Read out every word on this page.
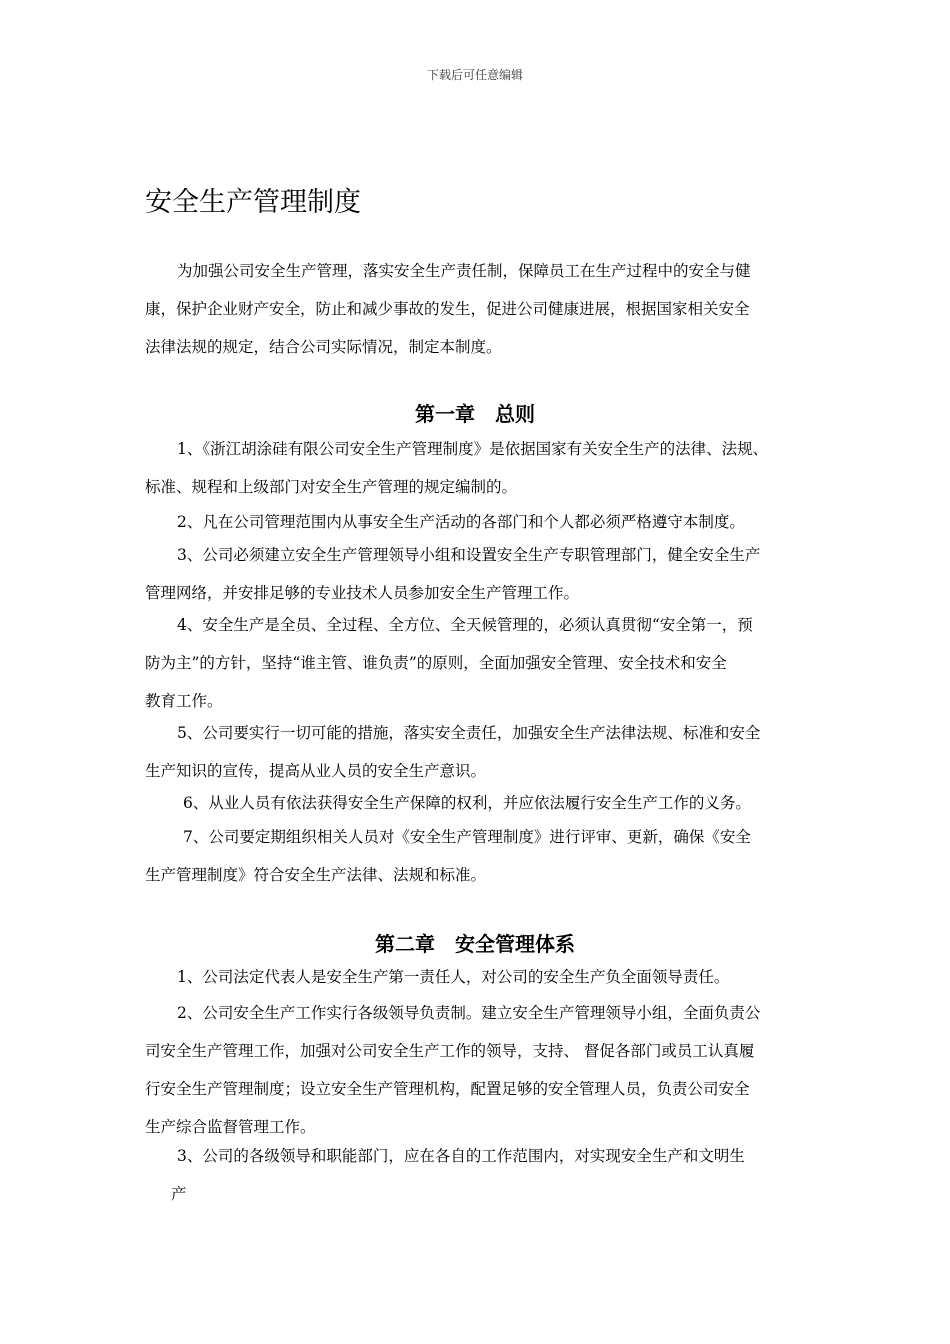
下载后可任意编辑
安全生产管理制度
为加强公司安全生产管理，落实安全生产责任制，保障员工在生产过程中的安全与健
康，保护企业财产安全，防止和减少事故的发生，促进公司健康进展，根据国家相关安全
法律法规的规定，结合公司实际情况，制定本制度。
第一章　总则
1、《浙江胡涂硅有限公司安全生产管理制度》是依据国家有关安全生产的法律、法规、
标准、规程和上级部门对安全生产管理的规定编制的。
2、凡在公司管理范围内从事安全生产活动的各部门和个人都必须严格遵守本制度。
3、公司必须建立安全生产管理领导小组和设置安全生产专职管理部门，健全安全生产
管理网络，并安排足够的专业技术人员参加安全生产管理工作。
4、安全生产是全员、全过程、全方位、全天候管理的，必须认真贯彻“安全第一，预
防为主”的方针，坚持“谁主管、谁负责”的原则，全面加强安全管理、安全技术和安全
教育工作。
5、公司要实行一切可能的措施，落实安全责任，加强安全生产法律法规、标准和安全
生产知识的宣传，提高从业人员的安全生产意识。
6、从业人员有依法获得安全生产保障的权利，并应依法履行安全生产工作的义务。
7、公司要定期组织相关人员对《安全生产管理制度》进行评审、更新，确保《安全
生产管理制度》符合安全生产法律、法规和标准。
第二章　安全管理体系
1、公司法定代表人是安全生产第一责任人，对公司的安全生产负全面领导责任。
2、公司安全生产工作实行各级领导负责制。建立安全生产管理领导小组，全面负责公
司安全生产管理工作，加强对公司安全生产工作的领导，支持、 督促各部门或员工认真履
行安全生产管理制度；设立安全生产管理机构，配置足够的安全管理人员，负责公司安全
生产综合监督管理工作。
3、公司的各级领导和职能部门，应在各自的工作范围内，对实现安全生产和文明生
产
